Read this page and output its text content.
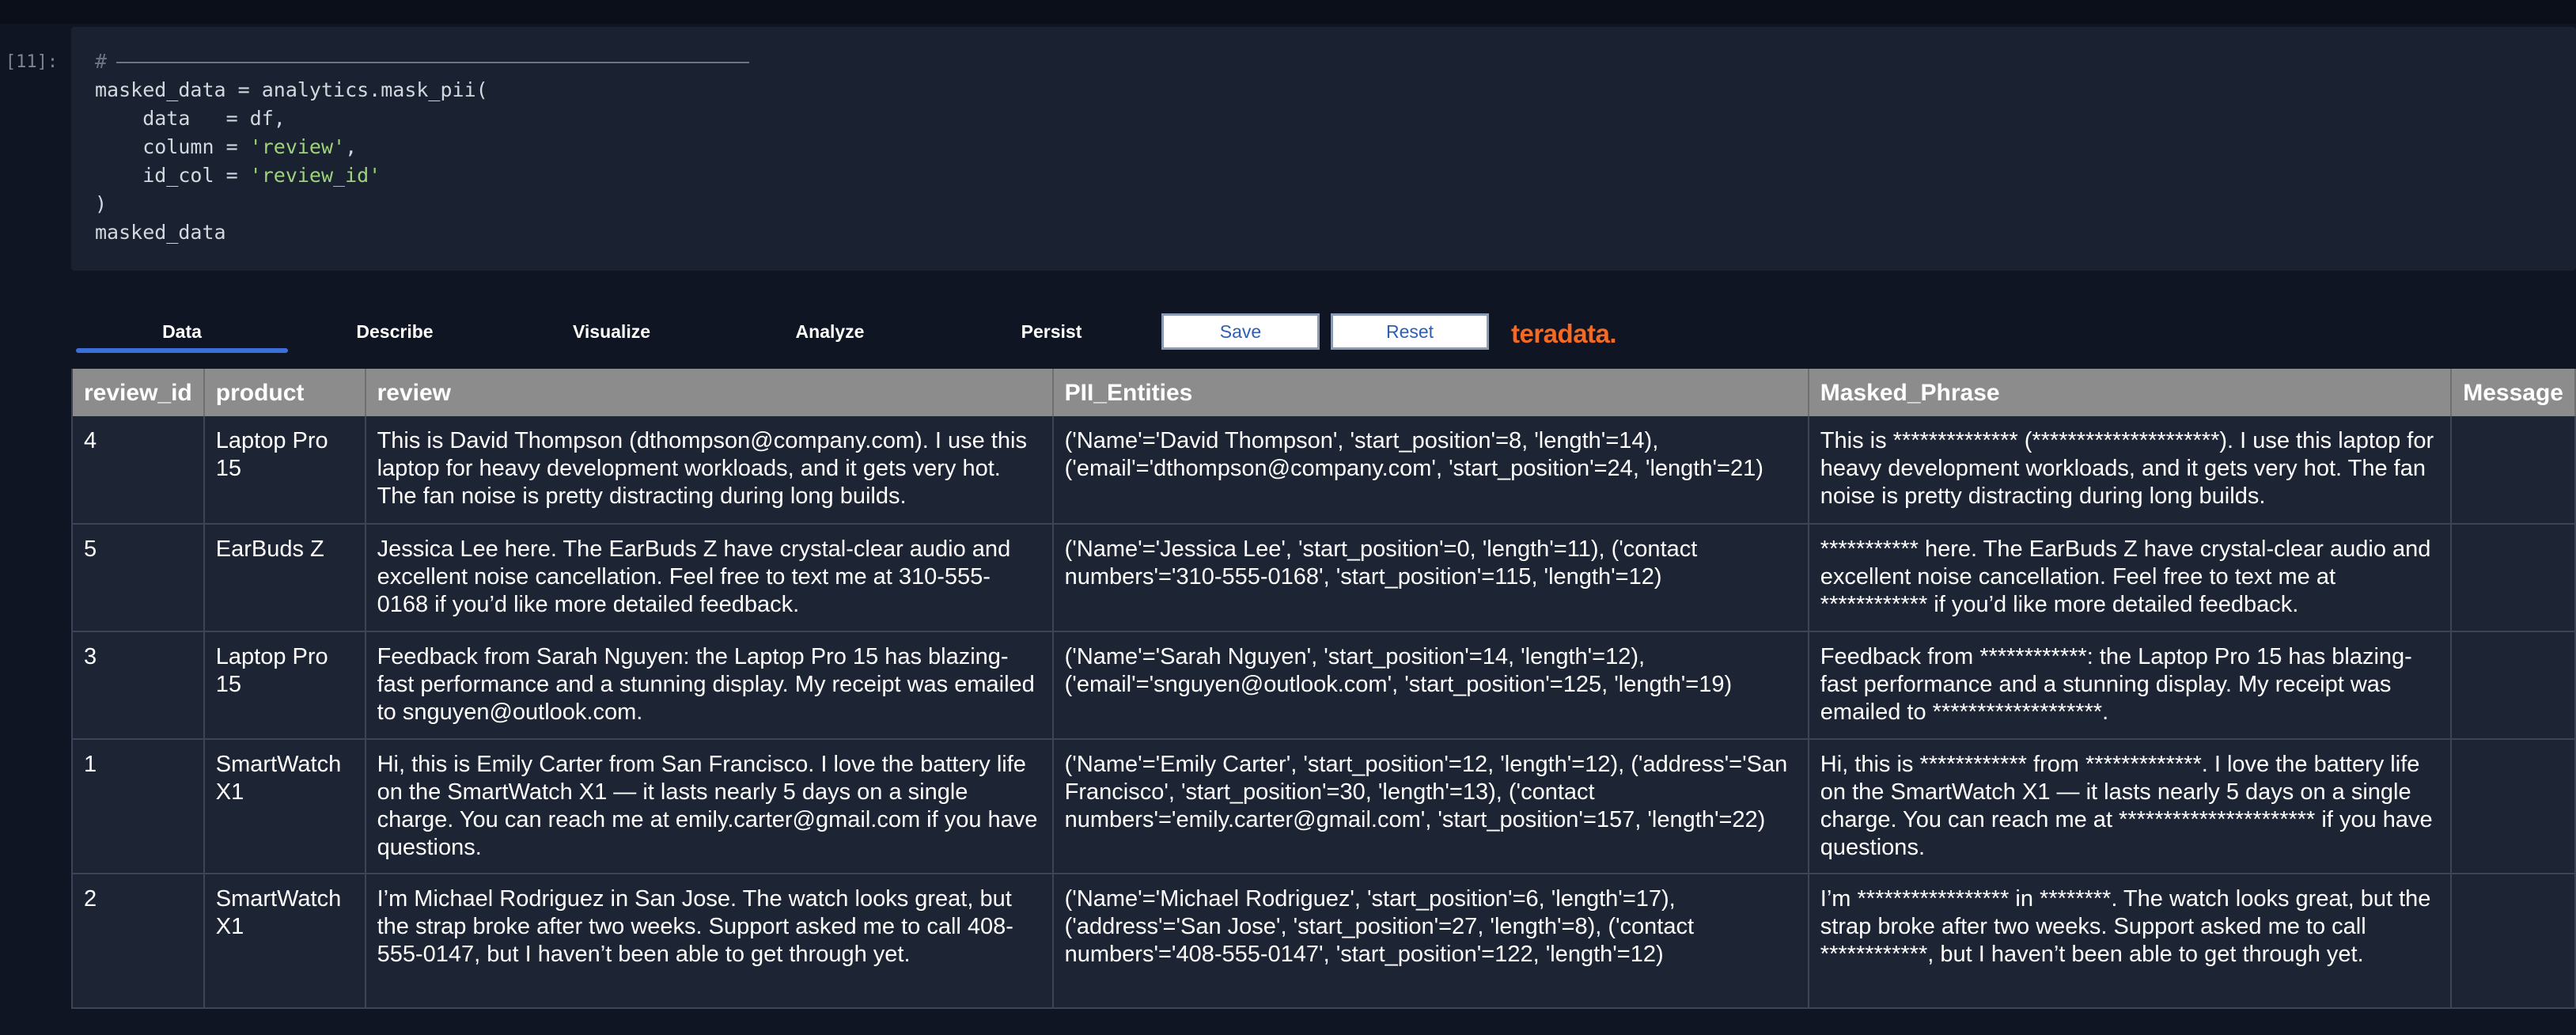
[11]: #
masked_data = analytics.mask_pii(
data   = df,
column = 'review',
id_col = 'review_id'
)
masked_data
Data	Describe	Visualize	Analyze	Persist	Save	Reset	teradata.
review_id	product	review	PII_Entities	Masked_Phrase	Message
4	Laptop Pro 15	This is David Thompson (dthompson@company.com). I use this laptop for heavy development workloads, and it gets very hot. The fan noise is pretty distracting during long builds.	('Name'='David Thompson', 'start_position'=8, 'length'=14), ('email'='dthompson@company.com', 'start_position'=24, 'length'=21)	This is ************** (*********************). I use this laptop for heavy development workloads, and it gets very hot. The fan noise is pretty distracting during long builds.	
5	EarBuds Z	Jessica Lee here. The EarBuds Z have crystal-clear audio and excellent noise cancellation. Feel free to text me at 310-555-0168 if you’d like more detailed feedback.	('Name'='Jessica Lee', 'start_position'=0, 'length'=11), ('contact numbers'='310-555-0168', 'start_position'=115, 'length'=12)	*********** here. The EarBuds Z have crystal-clear audio and excellent noise cancellation. Feel free to text me at ************ if you’d like more detailed feedback.	
3	Laptop Pro 15	Feedback from Sarah Nguyen: the Laptop Pro 15 has blazing-fast performance and a stunning display. My receipt was emailed to snguyen@outlook.com.	('Name'='Sarah Nguyen', 'start_position'=14, 'length'=12), ('email'='snguyen@outlook.com', 'start_position'=125, 'length'=19)	Feedback from ************: the Laptop Pro 15 has blazing-fast performance and a stunning display. My receipt was emailed to *******************.	
1	SmartWatch X1	Hi, this is Emily Carter from San Francisco. I love the battery life on the SmartWatch X1 — it lasts nearly 5 days on a single charge. You can reach me at emily.carter@gmail.com if you have questions.	('Name'='Emily Carter', 'start_position'=12, 'length'=12), ('address'='San Francisco', 'start_position'=30, 'length'=13), ('contact numbers'='emily.carter@gmail.com', 'start_position'=157, 'length'=22)	Hi, this is ************ from *************. I love the battery life on the SmartWatch X1 — it lasts nearly 5 days on a single charge. You can reach me at ********************** if you have questions.	
2	SmartWatch X1	I’m Michael Rodriguez in San Jose. The watch looks great, but the strap broke after two weeks. Support asked me to call 408-555-0147, but I haven’t been able to get through yet.	('Name'='Michael Rodriguez', 'start_position'=6, 'length'=17), ('address'='San Jose', 'start_position'=27, 'length'=8), ('contact numbers'='408-555-0147', 'start_position'=122, 'length'=12)	I’m ***************** in ********. The watch looks great, but the strap broke after two weeks. Support asked me to call ************, but I haven’t been able to get through yet.	
